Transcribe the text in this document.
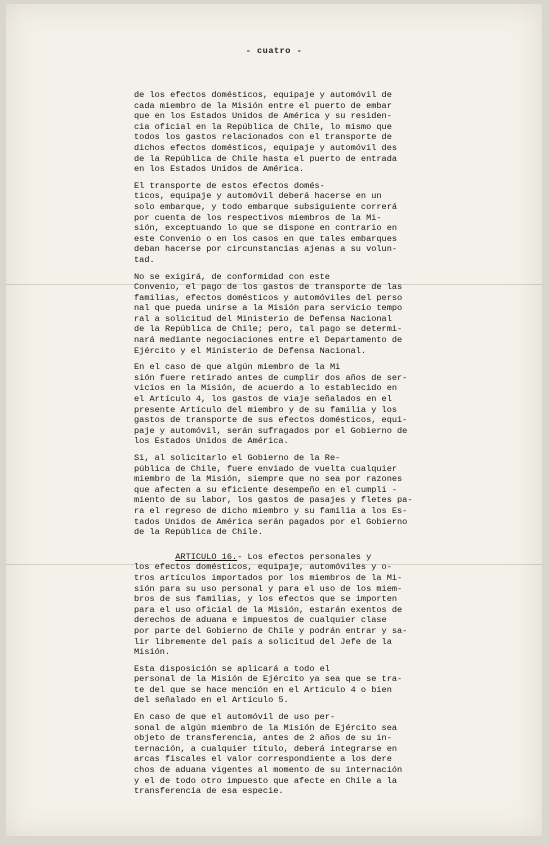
- cuatro -

de los efectos domésticos, equipaje y automóvil de
cada miembro de la Misión entre el puerto de embar
que en los Estados Unidos de América y su residen-
cia oficial en la República de Chile, lo mismo que
todos los gastos relacionados con el transporte de
dichos efectos domésticos, equipaje y automóvil des
de la República de Chile hasta el puerto de entrada
en los Estados Unidos de América.

El transporte de estos efectos domés-
ticos, equipaje y automóvil deberá hacerse en un
solo embarque, y todo embarque subsiguiente correrá
por cuenta de los respectivos miembros de la Mi-
sión, exceptuando lo que se dispone en contrario en
este Convenio o en los casos en que tales embarques
deban hacerse por circunstancias ajenas a su volun-
tad.

No se exigirá, de conformidad con este
Convenio, el pago de los gastos de transporte de las
familias, efectos domésticos y automóviles del perso
nal que pueda unirse a la Misión para servicio tempo
ral a solicitud del Ministerio de Defensa Nacional
de la República de Chile; pero, tal pago se determi-
nará mediante negociaciones entre el Departamento de
Ejército y el Ministerio de Defensa Nacional.

En el caso de que algún miembro de la Mi
sión fuere retirado antes de cumplir dos años de ser-
vicios en la Misión, de acuerdo a lo establecido en
el Artículo 4, los gastos de viaje señalados en el
presente Artículo del miembro y de su familia y los
gastos de transporte de sus efectos domésticos, equi-
paje y automóvil, serán sufragados por el Gobierno de
los Estados Unidos de América.

Si, al solicitarlo el Gobierno de la Re-
pública de Chile, fuere enviado de vuelta cualquier
miembro de la Misión, siempre que no sea por razones
que afecten a su eficiente desempeño en el cumpli -
miento de su labor, los gastos de pasajes y fletes pa-
ra el regreso de dicho miembro y su familia a los Es-
tados Unidos de América serán pagados por el Gobierno
de la República de Chile.

ARTICULO 16.- Los efectos personales y
los efectos domésticos, equipaje, automóviles y o-
tros artículos importados por los miembros de la Mi-
sión para su uso personal y para el uso de los miem-
bros de sus familias, y los efectos que se importen
para el uso oficial de la Misión, estarán exentos de
derechos de aduana e impuestos de cualquier clase
por parte del Gobierno de Chile y podrán entrar y sa-
lir libremente del país a solicitud del Jefe de la
Misión.

Esta disposición se aplicará a todo el
personal de la Misión de Ejército ya sea que se tra-
te del que se hace mención en el Artículo 4 o bien
del señalado en el Artículo 5.

En caso de que el automóvil de uso per-
sonal de algún miembro de la Misión de Ejército sea
objeto de transferencia, antes de 2 años de su in-
ternación, a cualquier título, deberá integrarse en
arcas fiscales el valor correspondiente a los dere
chos de aduana vigentes al momento de su internación
y el de todo otro impuesto que afecte en Chile a la
transferencia de esa especie.
